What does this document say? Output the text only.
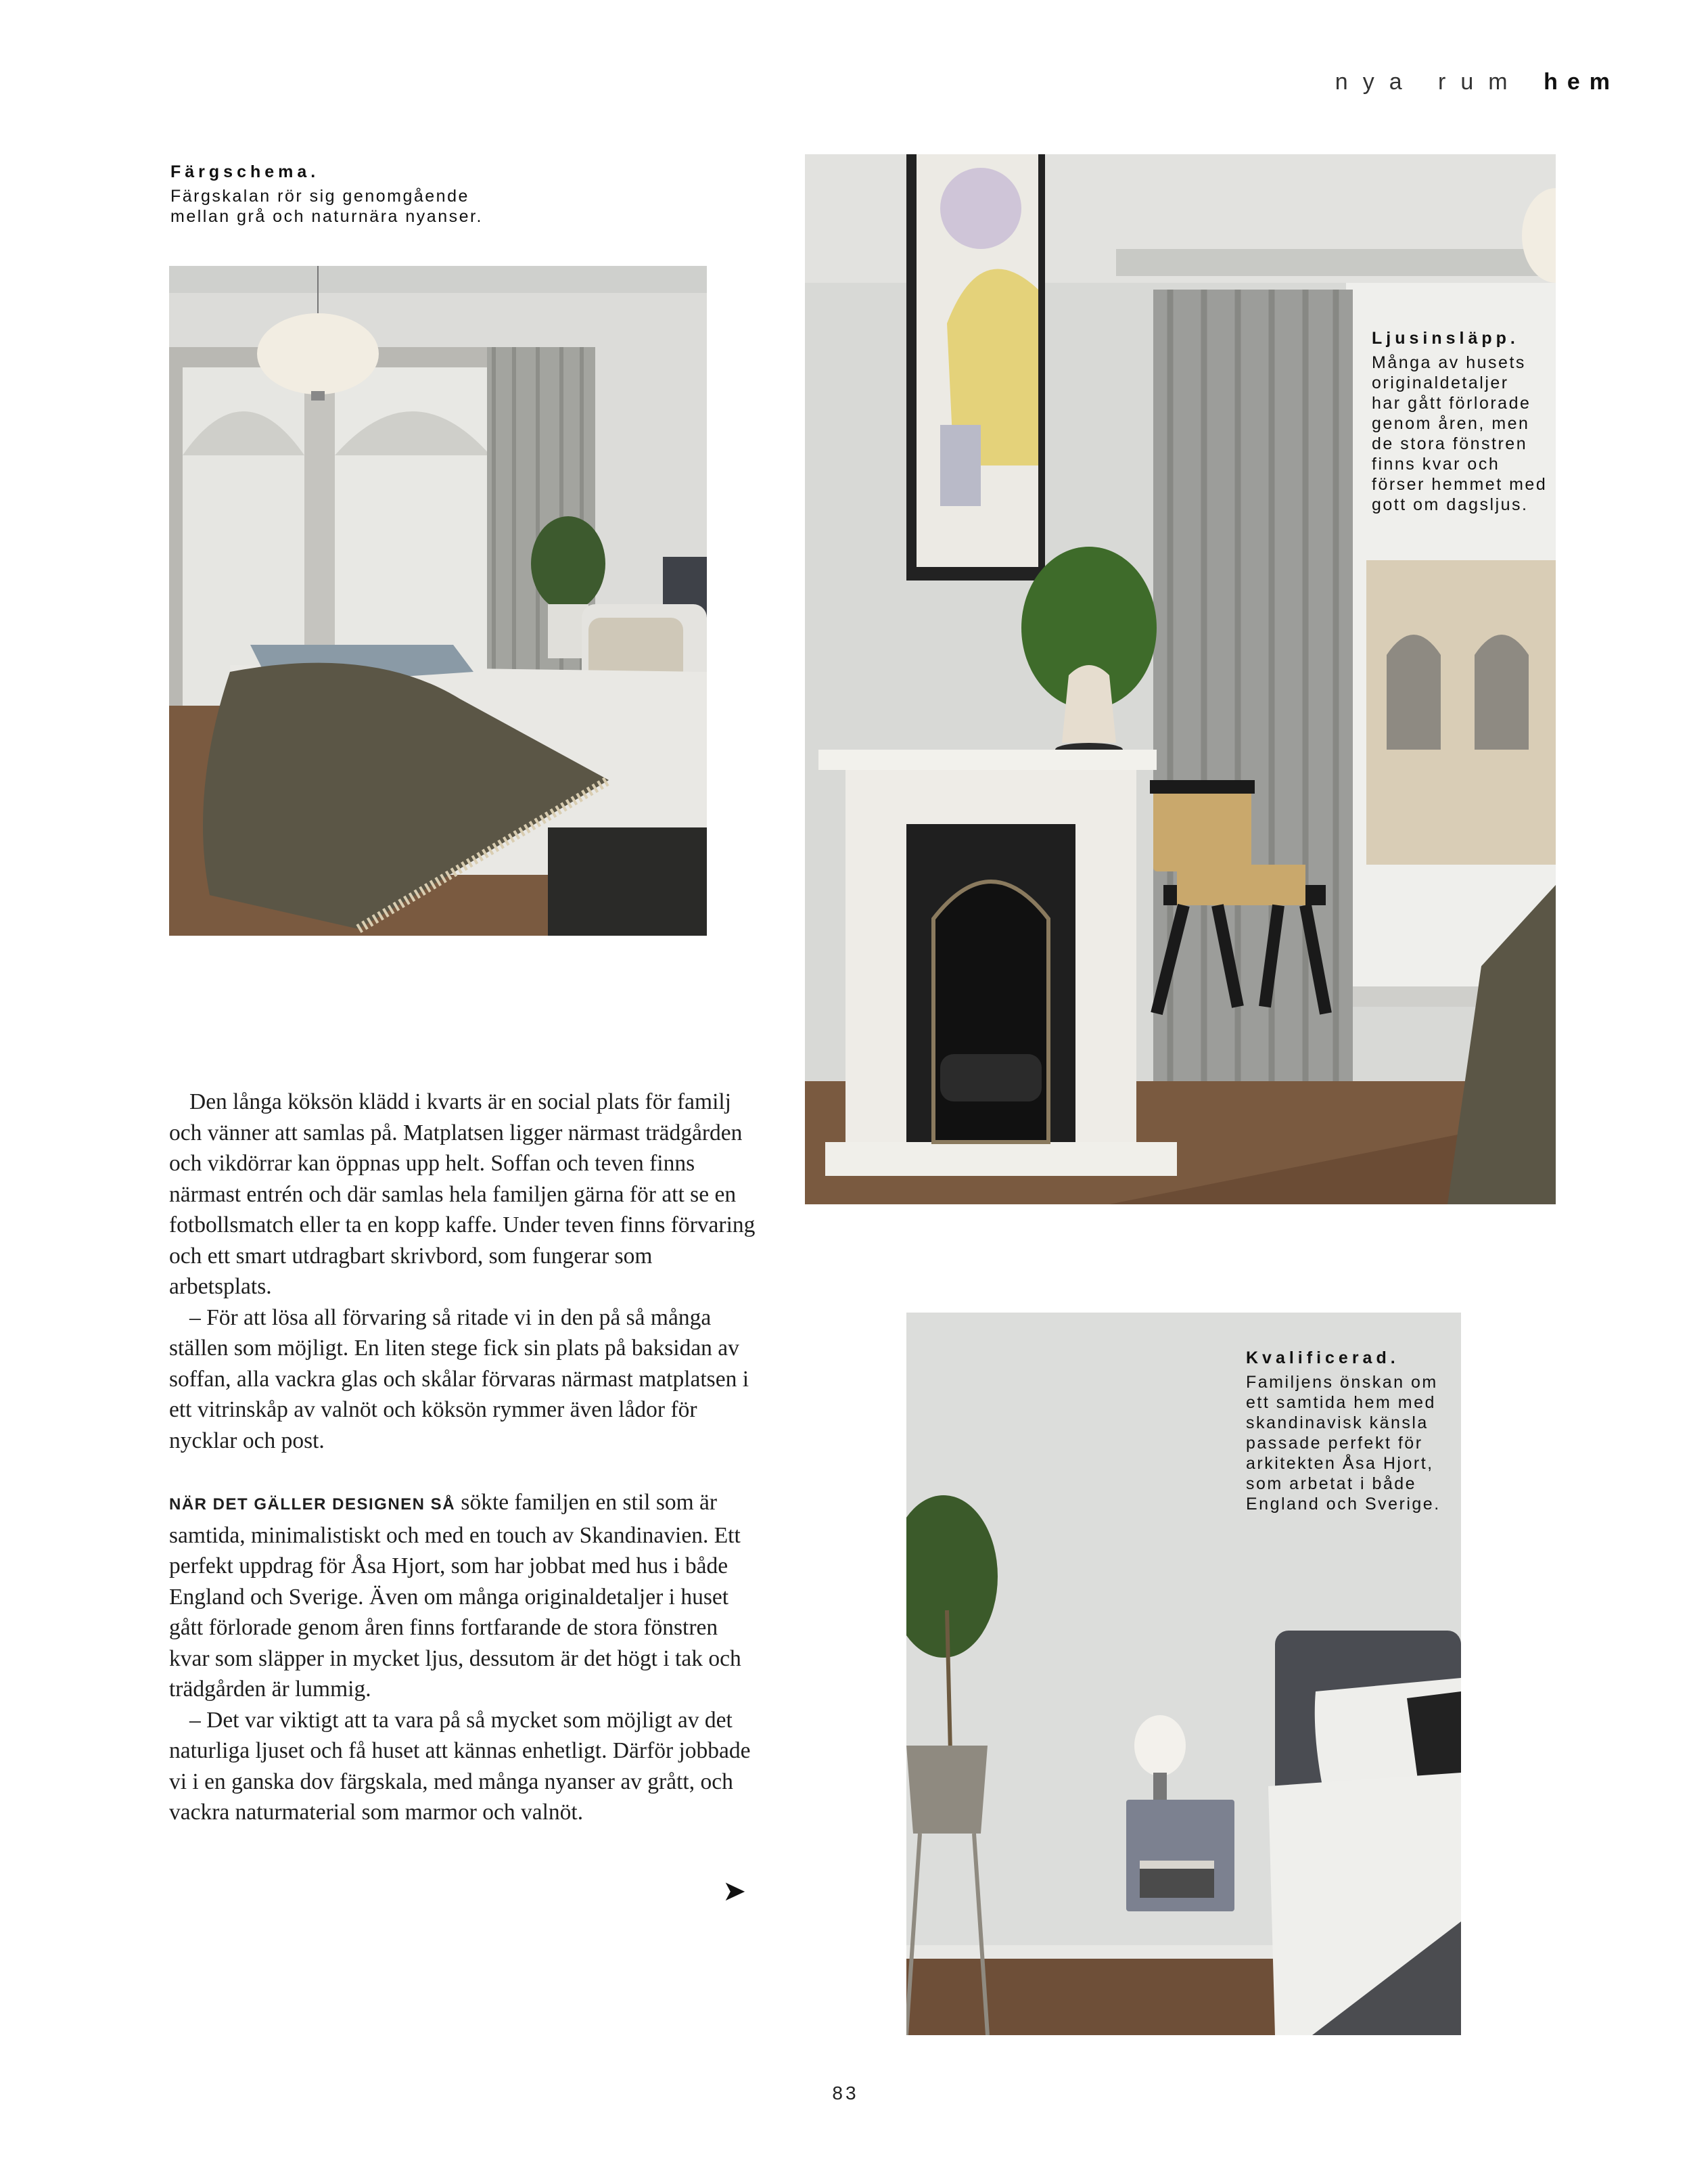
nya rum hem
Färgschema.
Färgskalan rör sig genomgående
mellan grå och naturnära nyanser.
Ljusinsläpp.
Många av husets
originaldetaljer
har gått förlorade
genom åren, men
de stora fönstren
finns kvar och
förser hemmet med
gott om dagsljus.
Kvalificerad.
Familjens önskan om
ett samtida hem med
skandinavisk känsla
passade perfekt för
arkitekten Åsa Hjort,
som arbetat i både
England och Sverige.

Den långa köksön klädd i kvarts är en social plats för familj och vänner att samlas på. Matplatsen ligger närmast trädgården och vikdörrar kan öppnas upp helt. Soffan och teven finns närmast entrén och där samlas hela familjen gärna för att se en fotbollsmatch eller ta en kopp kaffe. Under teven finns förvaring och ett smart utdragbart skrivbord, som fungerar som arbetsplats.

– För att lösa all förvaring så ritade vi in den på så många ställen som möjligt. En liten stege fick sin plats på baksidan av soffan, alla vackra glas och skålar förvaras närmast matplatsen i ett vitrinskåp av valnöt och köksön rymmer även lådor för nycklar och post.

NÄR DET GÄLLER DESIGNEN SÅ sökte familjen en stil som är samtida, minimalistiskt och med en touch av Skandinavien. Ett perfekt uppdrag för Åsa Hjort, som har jobbat med hus i både England och Sverige. Även om många originaldetaljer i huset gått förlorade genom åren finns fortfarande de stora fönstren kvar som släpper in mycket ljus, dessutom är det högt i tak och trädgården är lummig.

– Det var viktigt att ta vara på så mycket som möjligt av det naturliga ljuset och få huset att kännas enhetligt. Därför jobbade vi i en ganska dov färgskala, med många nyanser av grått, och vackra naturmaterial som marmor och valnöt.

➤
83
